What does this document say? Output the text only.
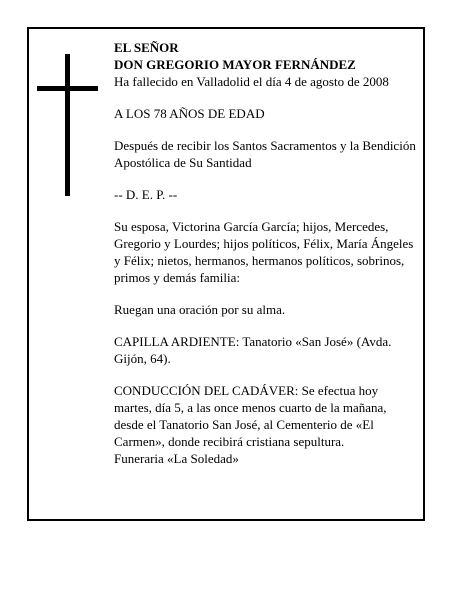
EL SEÑOR

DON GREGORIO MAYOR FERNÁNDEZ

Ha fallecido en Valladolid el día 4 de agosto de 2008

A LOS 78 AÑOS DE EDAD

Después de recibir los Santos Sacramentos y la Bendición Apostólica de Su Santidad

-- D. E. P. --

Su esposa, Victorina García García; hijos, Mercedes, Gregorio y Lourdes; hijos políticos, Félix, María Ángeles y Félix; nietos, hermanos, hermanos políticos, sobrinos, primos y demás familia:

Ruegan una oración por su alma.

CAPILLA ARDIENTE: Tanatorio «San José» (Avda. Gijón, 64).

CONDUCCIÓN DEL CADÁVER: Se efectua hoy martes, día 5, a las once menos cuarto de la mañana, desde el Tanatorio San José, al Cementerio de «El Carmen», donde recibirá cristiana sepultura.

Funeraria «La Soledad»
